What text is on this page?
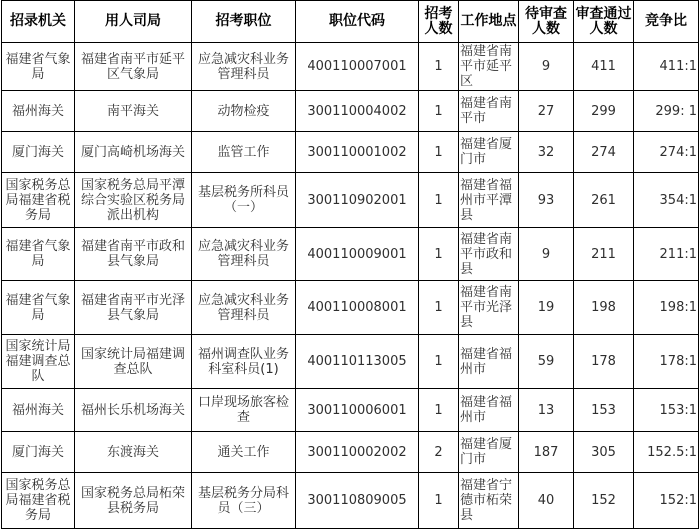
招录机关	用人司局	招考职位	职位代码	招考人数	工作地点	待审查人数	审查通过人数	竞争比
福建省气象局	福建省南平市延平区气象局	应急减灾科业务管理科员	400110007001	1	福建省南平市延平区	9	411	411:1
福州海关	南平海关	动物检疫	300110004002	1	福建省南平市	27	299	299: 1
厦门海关	厦门高崎机场海关	监管工作	300110001002	1	福建省厦门市	32	274	274:1
国家税务总局福建省税务局	国家税务总局平潭综合实验区税务局派出机构	基层税务所科员（一）	300110902001	1	福建省福州市平潭县	93	261	354:1
福建省气象局	福建省南平市政和县气象局	应急减灾科业务管理科员	400110009001	1	福建省南平市政和县	9	211	211:1
福建省气象局	福建省南平市光泽县气象局	应急减灾科业务管理科员	400110008001	1	福建省南平市光泽县	19	198	198:1
国家统计局福建调查总队	国家统计局福建调查总队	福州调查队业务科室科员(1)	400110113005	1	福建省福州市	59	178	178:1
福州海关	福州长乐机场海关	口岸现场旅客检查	300110006001	1	福建省福州市	13	153	153:1
厦门海关	东渡海关	通关工作	300110002002	2	福建省厦门市	187	305	152.5:1
国家税务总局福建省税务局	国家税务总局柘荣县税务局	基层税务分局科员（三）	300110809005	1	福建省宁德市柘荣县	40	152	152:1
